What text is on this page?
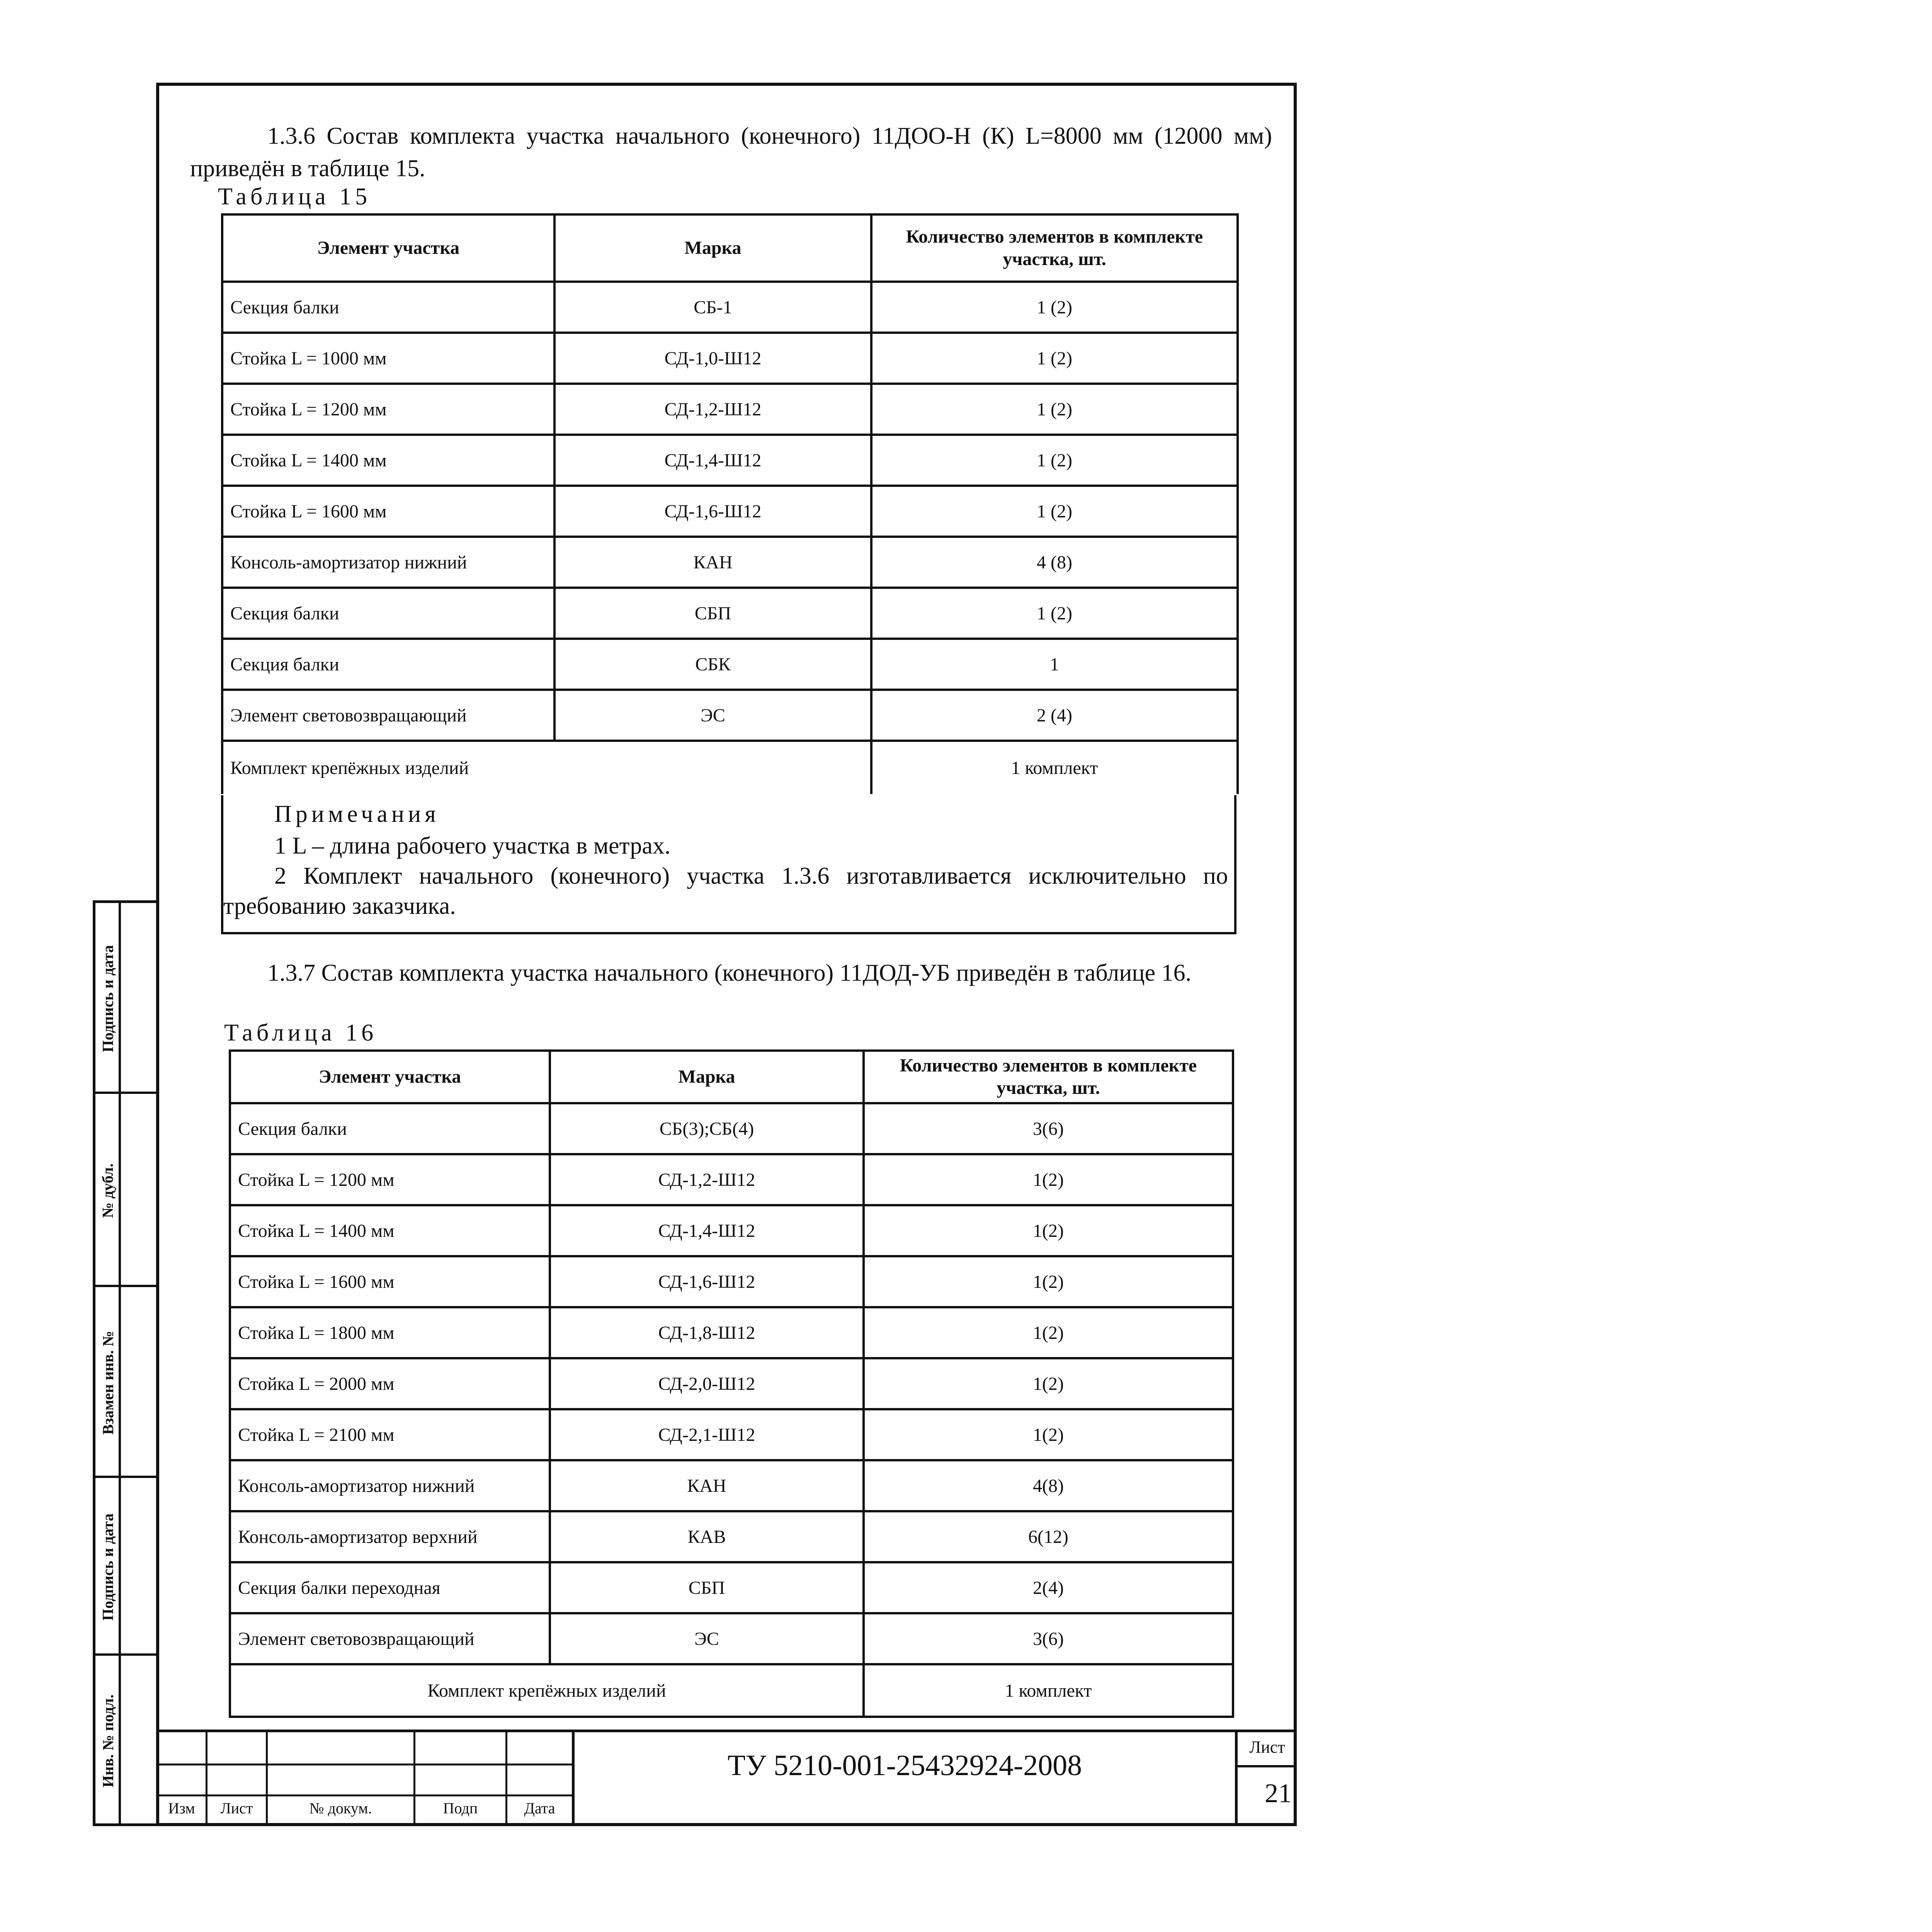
Подпись и дата
№ дубл.
Взамен инв. №
Подпись и дата
Инв. № подл.
1.3.6 Состав комплекта участка начального (конечного) 11ДОО-Н (К) L=8000 мм (12000 мм) приведён в таблице 15.
Таблица 15
Элемент участка	Марка	Количество элементов в комплекте участка, шт.
Секция балки	СБ-1	1 (2)
Стойка L = 1000 мм	СД-1,0-Ш12	1 (2)
Стойка L = 1200 мм	СД-1,2-Ш12	1 (2)
Стойка L = 1400 мм	СД-1,4-Ш12	1 (2)
Стойка L = 1600 мм	СД-1,6-Ш12	1 (2)
Консоль-амортизатор нижний	КАН	4 (8)
Секция балки	СБП	1 (2)
Секция балки	СБК	1
Элемент световозвращающий	ЭС	2 (4)
Комплект крепёжных изделий		1 комплект
Примечания
1 L – длина рабочего участка в метрах.
2 Комплект начального (конечного) участка 1.3.6 изготавливается исключительно по требованию заказчика.
1.3.7 Состав комплекта участка начального (конечного) 11ДОД-УБ приведён в таблице 16.
Таблица 16
Элемент участка	Марка	Количество элементов в комплекте участка, шт.
Секция балки	СБ(3);СБ(4)	3(6)
Стойка L = 1200 мм	СД-1,2-Ш12	1(2)
Стойка L = 1400 мм	СД-1,4-Ш12	1(2)
Стойка L = 1600 мм	СД-1,6-Ш12	1(2)
Стойка L = 1800 мм	СД-1,8-Ш12	1(2)
Стойка L = 2000 мм	СД-2,0-Ш12	1(2)
Стойка L = 2100 мм	СД-2,1-Ш12	1(2)
Консоль-амортизатор нижний	КАН	4(8)
Консоль-амортизатор верхний	КАВ	6(12)
Секция балки переходная	СБП	2(4)
Элемент световозвращающий	ЭС	3(6)
Комплект крепёжных изделий		1 комплект
Изм	Лист	№ докум.	Подп	Дата
ТУ 5210-001-25432924-2008
Лист
21
